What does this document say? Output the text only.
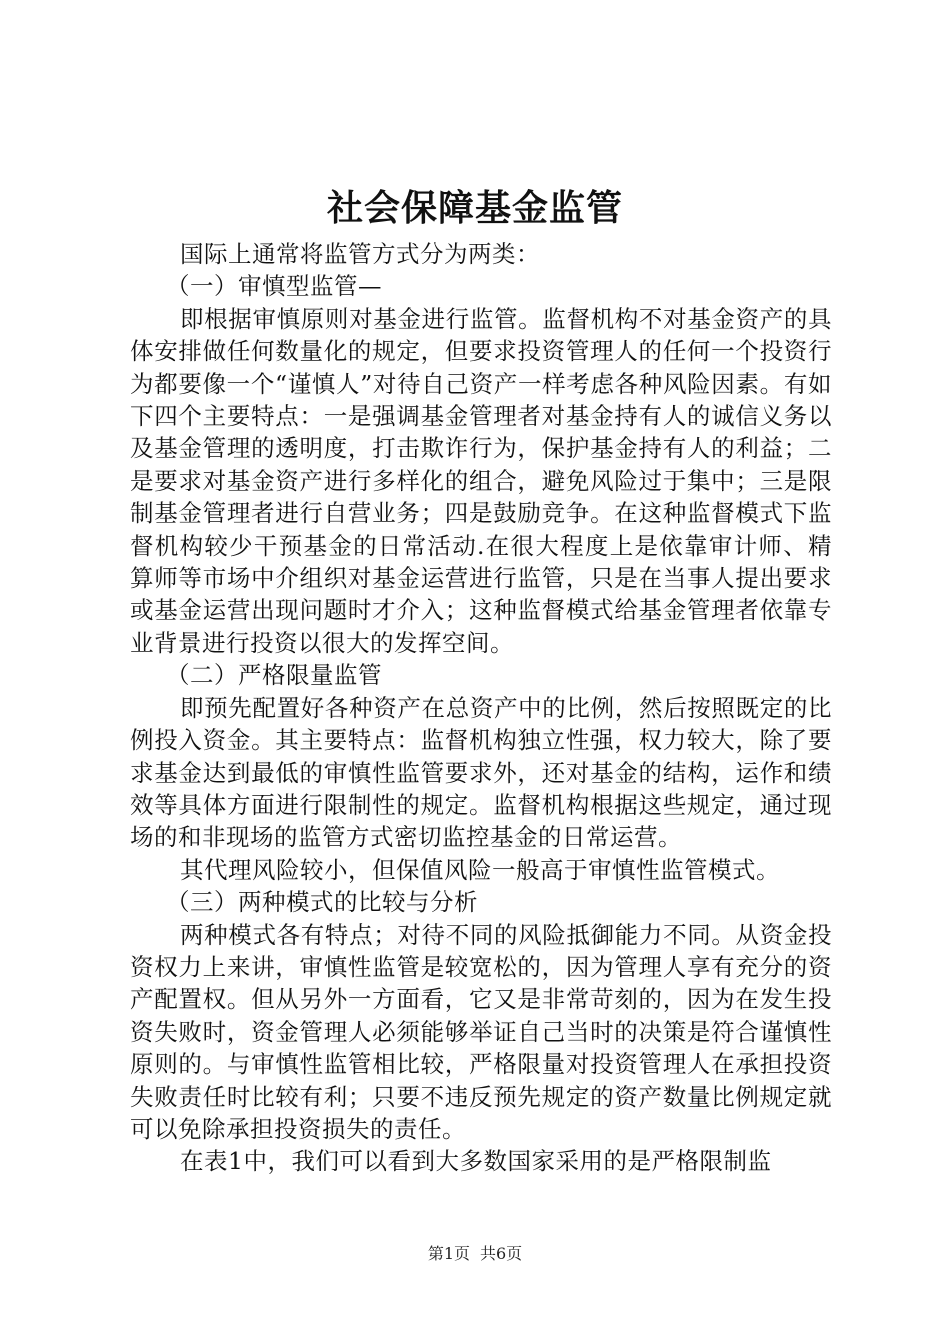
社会保障基金监管

国际上通常将监管方式分为两类：

（一）审慎型监管—

即根据审慎原则对基金进行监管。监督机构不对基金资产的具体安排做任何数量化的规定，但要求投资管理人的任何一个投资行为都要像一个“谨慎人”对待自己资产一样考虑各种风险因素。有如下四个主要特点：一是强调基金管理者对基金持有人的诚信义务以及基金管理的透明度，打击欺诈行为，保护基金持有人的利益；二是要求对基金资产进行多样化的组合，避免风险过于集中；三是限制基金管理者进行自营业务；四是鼓励竞争。在这种监督模式下监督机构较少干预基金的日常活动.在很大程度上是依靠审计师、精算师等市场中介组织对基金运营进行监管，只是在当事人提出要求或基金运营出现问题时才介入；这种监督模式给基金管理者依靠专业背景进行投资以很大的发挥空间。

（二）严格限量监管

即预先配置好各种资产在总资产中的比例，然后按照既定的比例投入资金。其主要特点：监督机构独立性强，权力较大，除了要求基金达到最低的审慎性监管要求外，还对基金的结构，运作和绩效等具体方面进行限制性的规定。监督机构根据这些规定，通过现场的和非现场的监管方式密切监控基金的日常运营。

其代理风险较小，但保值风险一般高于审慎性监管模式。

（三）两种模式的比较与分析

两种模式各有特点；对待不同的风险抵御能力不同。从资金投资权力上来讲，审慎性监管是较宽松的，因为管理人享有充分的资产配置权。但从另外一方面看，它又是非常苛刻的，因为在发生投资失败时，资金管理人必须能够举证自己当时的决策是符合谨慎性原则的。与审慎性监管相比较，严格限量对投资管理人在承担投资失败责任时比较有利；只要不违反预先规定的资产数量比例规定就可以免除承担投资损失的责任。

在表1中，我们可以看到大多数国家采用的是严格限制监

第1页 共6页
